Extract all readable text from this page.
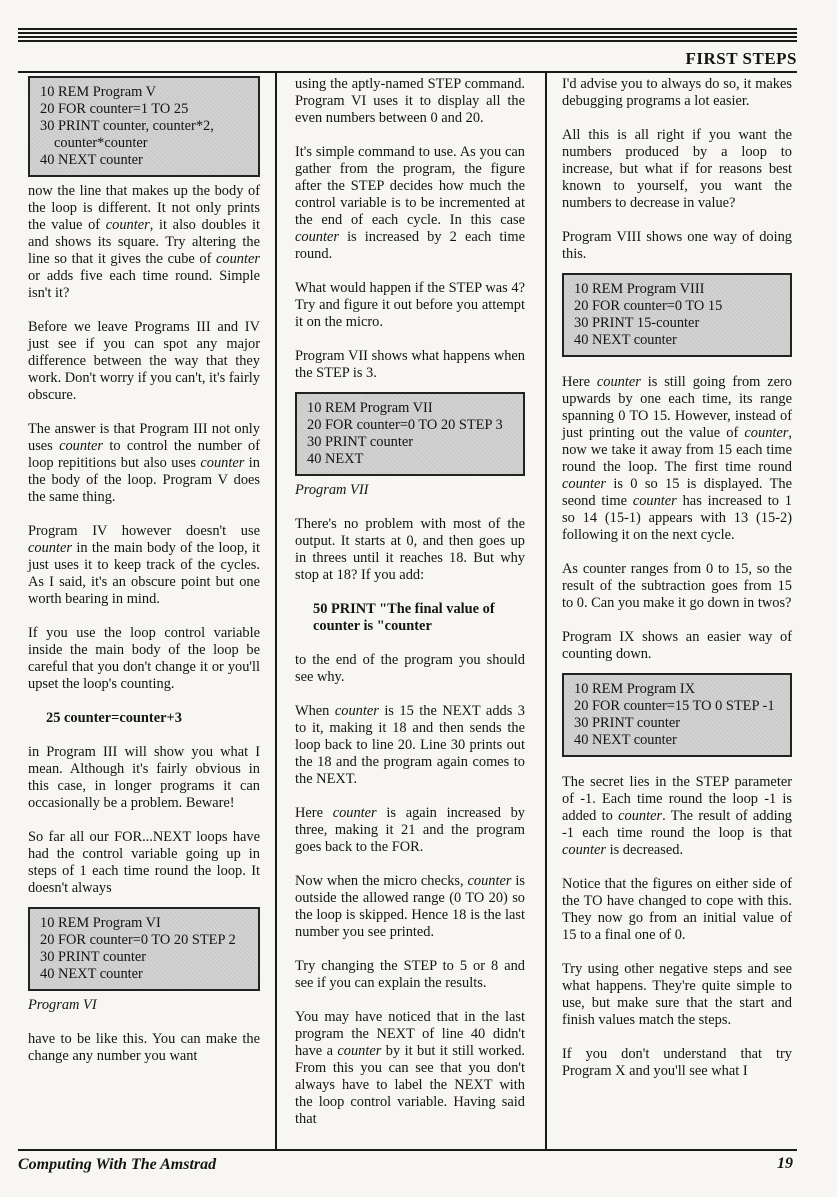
FIRST STEPS
10 REM Program V
20 FOR counter=1 TO 25
30 PRINT counter, counter*2,
counter*counter
40 NEXT counter

now the line that makes up the body of the loop is different. It not only prints the value of counter, it also doubles it and shows its square. Try altering the line so that it gives the cube of counter or adds five each time round. Simple isn't it?

Before we leave Programs III and IV just see if you can spot any major difference between the way that they work. Don't worry if you can't, it's fairly obscure.

The answer is that Program III not only uses counter to control the number of loop repititions but also uses counter in the body of the loop. Program V does the same thing.

Program IV however doesn't use counter in the main body of the loop, it just uses it to keep track of the cycles. As I said, it's an obscure point but one worth bearing in mind.

If you use the loop control variable inside the main body of the loop be careful that you don't change it or you'll upset the loop's counting.

25 counter=counter+3

in Program III will show you what I mean. Although it's fairly obvious in this case, in longer programs it can occasionally be a problem. Beware!

So far all our FOR...NEXT loops have had the control variable going up in steps of 1 each time round the loop. It doesn't always

10 REM Program VI
20 FOR counter=0 TO 20 STEP 2
30 PRINT counter
40 NEXT counter
Program VI

have to be like this. You can make the change any number you want

using the aptly-named STEP command. Program VI uses it to display all the even numbers between 0 and 20.

It's simple command to use. As you can gather from the program, the figure after the STEP decides how much the control variable is to be incremented at the end of each cycle. In this case counter is increased by 2 each time round.

What would happen if the STEP was 4? Try and figure it out before you attempt it on the micro.

Program VII shows what happens when the STEP is 3.

10 REM Program VII
20 FOR counter=0 TO 20 STEP 3
30 PRINT counter
40 NEXT
Program VII

There's no problem with most of the output. It starts at 0, and then goes up in threes until it reaches 18. But why stop at 18? If you add:

50 PRINT "The final value of
counter is "counter

to the end of the program you should see why.

When counter is 15 the NEXT adds 3 to it, making it 18 and then sends the loop back to line 20. Line 30 prints out the 18 and the program again comes to the NEXT.

Here counter is again increased by three, making it 21 and the program goes back to the FOR.

Now when the micro checks, counter is outside the allowed range (0 TO 20) so the loop is skipped. Hence 18 is the last number you see printed.

Try changing the STEP to 5 or 8 and see if you can explain the results.

You may have noticed that in the last program the NEXT of line 40 didn't have a counter by it but it still worked. From this you can see that you don't always have to label the NEXT with the loop control variable. Having said that

I'd advise you to always do so, it makes debugging programs a lot easier.

All this is all right if you want the numbers produced by a loop to increase, but what if for reasons best known to yourself, you want the numbers to decrease in value?

Program VIII shows one way of doing this.

10 REM Program VIII
20 FOR counter=0 TO 15
30 PRINT 15-counter
40 NEXT counter

Here counter is still going from zero upwards by one each time, its range spanning 0 TO 15. However, instead of just printing out the value of counter, now we take it away from 15 each time round the loop. The first time round counter is 0 so 15 is displayed. The seond time counter has increased to 1 so 14 (15-1) appears with 13 (15-2) following it on the next cycle.

As counter ranges from 0 to 15, so the result of the subtraction goes from 15 to 0. Can you make it go down in twos?

Program IX shows an easier way of counting down.

10 REM Program IX
20 FOR counter=15 TO 0 STEP -1
30 PRINT counter
40 NEXT counter

The secret lies in the STEP parameter of -1. Each time round the loop -1 is added to counter. The result of adding -1 each time round the loop is that counter is decreased.

Notice that the figures on either side of the TO have changed to cope with this. They now go from an initial value of 15 to a final one of 0.

Try using other negative steps and see what happens. They're quite simple to use, but make sure that the start and finish values match the steps.

If you don't understand that try Program X and you'll see what I

Computing With The Amstrad	19
